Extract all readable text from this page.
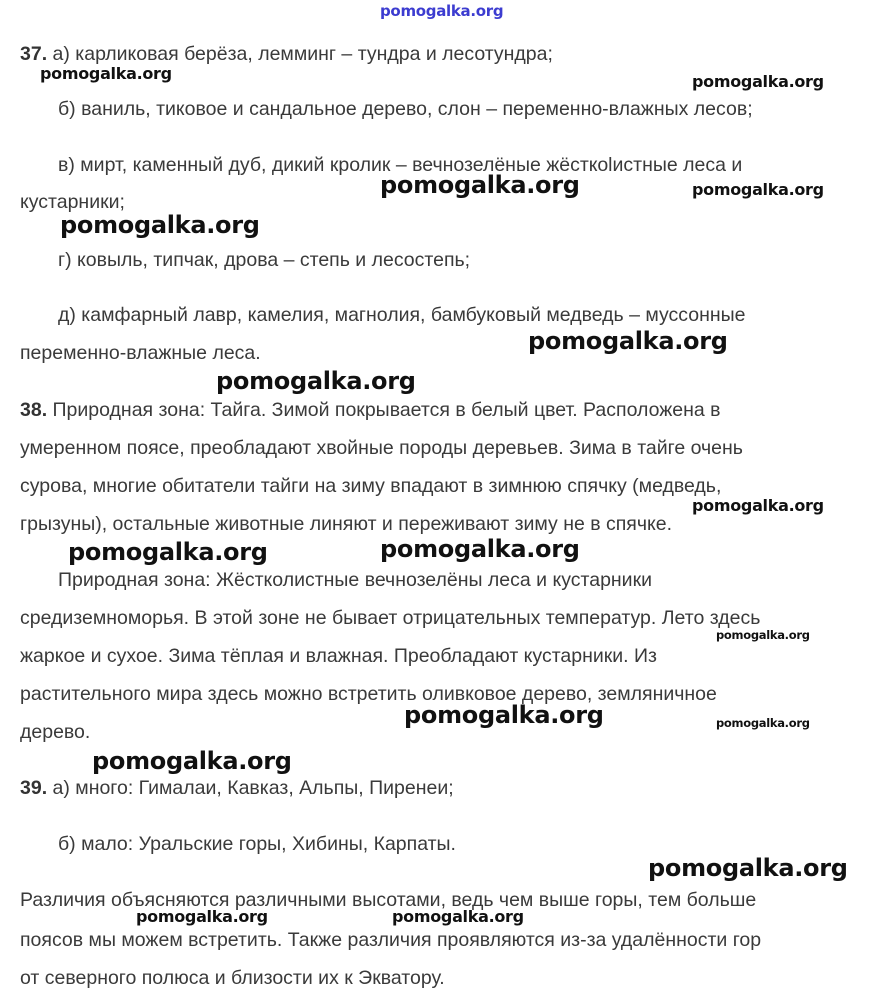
pomogalka.org
37. а) карликовая берёза, лемминг – тундра и лесотундра;
б) ваниль, тиковое и сандальное дерево, слон – переменно-влажных лесов;
в) мирт, каменный дуб, дикий кролик – вечнозелёные жёсткolистные леса и
кустарники;
г) ковыль, типчак, дрова – степь и лесостепь;
д) камфарный лавр, камелия, магнолия, бамбуковый медведь – муссонные
переменно-влажные леса.
38. Природная зона: Тайга. Зимой покрывается в белый цвет. Расположена в
умеренном поясе, преобладают хвойные породы деревьев. Зима в тайге очень
сурова, многие обитатели тайги на зиму впадают в зимнюю спячку (медведь,
грызуны), остальные животные линяют и переживают зиму не в спячке.
Природная зона: Жёстколистные вечнозелёны леса и кустарники
средиземноморья. В этой зоне не бывает отрицательных температур. Лето здесь
жаркое и сухое. Зима тёплая и влажная. Преобладают кустарники. Из
растительного мира здесь можно встретить оливковое дерево, земляничное
дерево.
39. а) много: Гималаи, Кавказ, Альпы, Пиренеи;
б) мало: Уральские горы, Хибины, Карпаты.
Различия объясняются различными высотами, ведь чем выше горы, тем больше
поясов мы можем встретить. Также различия проявляются из-за удалённости гор
от северного полюса и близости их к Экватору.
pomogalka.org	pomogalka.org
pomogalka.org	pomogalka.org
pomogalka.org
pomogalka.org
pomogalka.org
pomogalka.org
pomogalka.org	pomogalka.org
pomogalka.org
pomogalka.org	pomogalka.org
pomogalka.org
pomogalka.org
pomogalka.org	pomogalka.org
